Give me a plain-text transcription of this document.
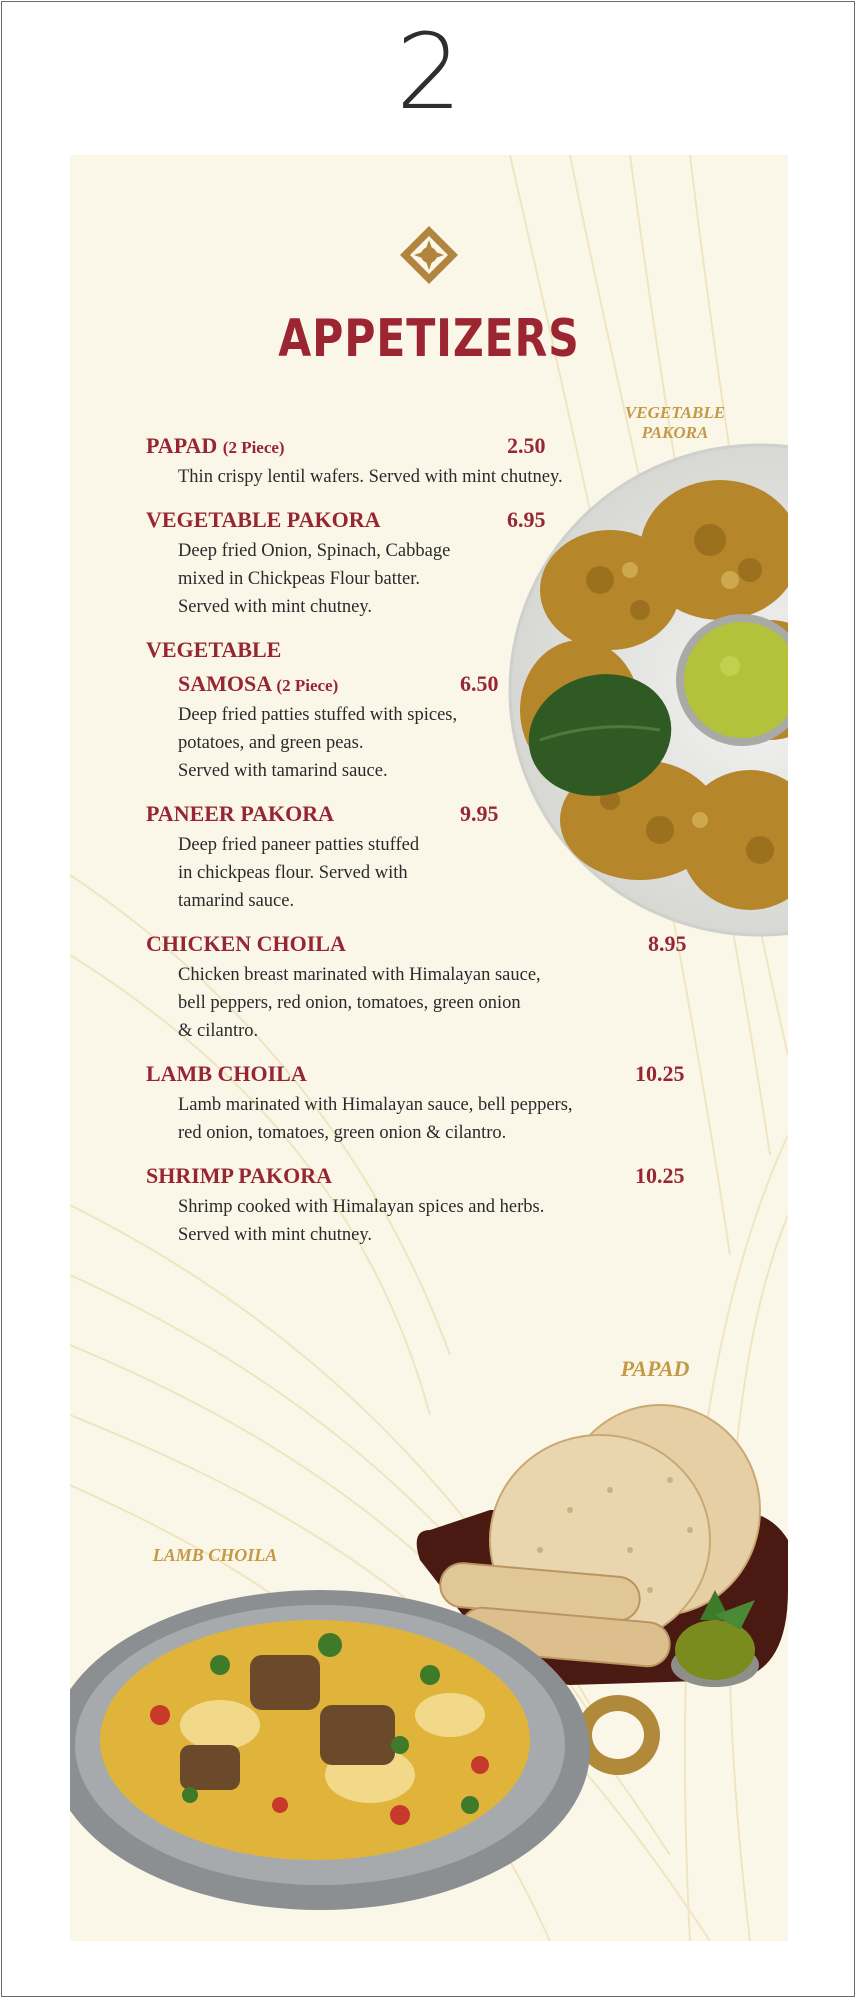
2
APPETIZERS
VEGETABLE
PAKORA
PAPAD
LAMB CHOILA
PAPAD (2 Piece)	2.50
Thin crispy lentil wafers. Served with mint chutney.
VEGETABLE PAKORA	6.95
Deep fried Onion, Spinach, Cabbage
mixed in Chickpeas Flour batter.
Served with mint chutney.
VEGETABLE
SAMOSA (2 Piece)	6.50
Deep fried patties stuffed with spices,
potatoes, and green peas.
Served with tamarind sauce.
PANEER PAKORA	9.95
Deep fried paneer patties stuffed
in chickpeas flour. Served with
tamarind sauce.
CHICKEN CHOILA	8.95
Chicken breast marinated with Himalayan sauce,
bell peppers, red onion, tomatoes, green onion
& cilantro.
LAMB CHOILA	10.25
Lamb marinated with Himalayan sauce, bell peppers,
red onion, tomatoes, green onion & cilantro.
SHRIMP PAKORA	10.25
Shrimp cooked with Himalayan spices and herbs.
Served with mint chutney.
